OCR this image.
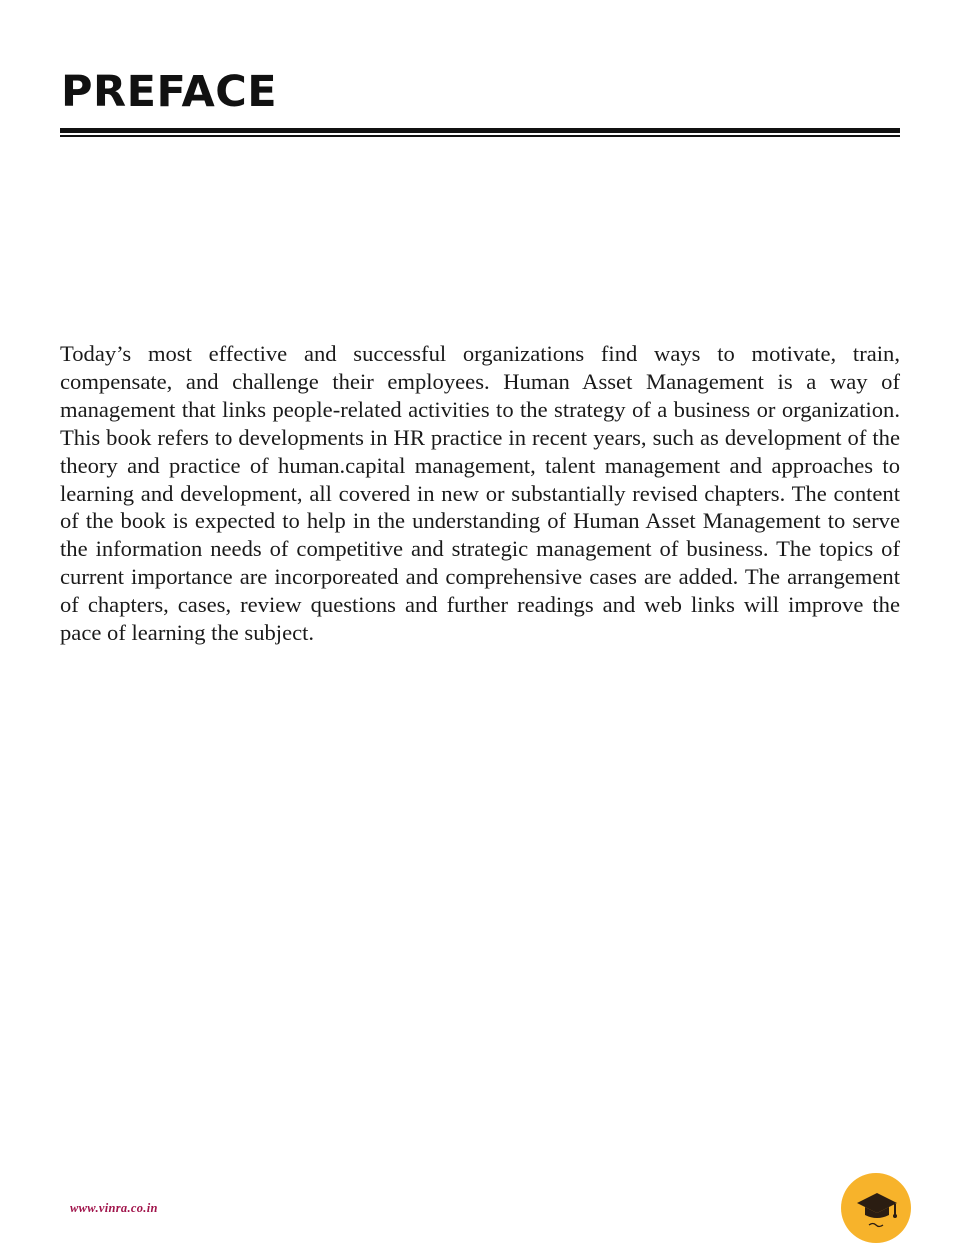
PREFACE

Today’s most effective and successful organizations find ways to motivate, train, compensate, and challenge their employees. Human Asset Management is a way of management that links people-related activities to the strategy of a business or organization. This book refers to developments in HR practice in recent years, such as development of the theory and practice of human.capital management, talent management and approaches to learning and development, all covered in new or substantially revised chapters. The content of the book is expected to help in the understanding of Human Asset Management to serve the information needs of competitive and strategic management of business. The topics of current importance are incorporeated and comprehensive cases are added. The arrangement of chapters, cases, review questions and further readings and web links will improve the pace of learning the subject.

www.vinra.co.in
